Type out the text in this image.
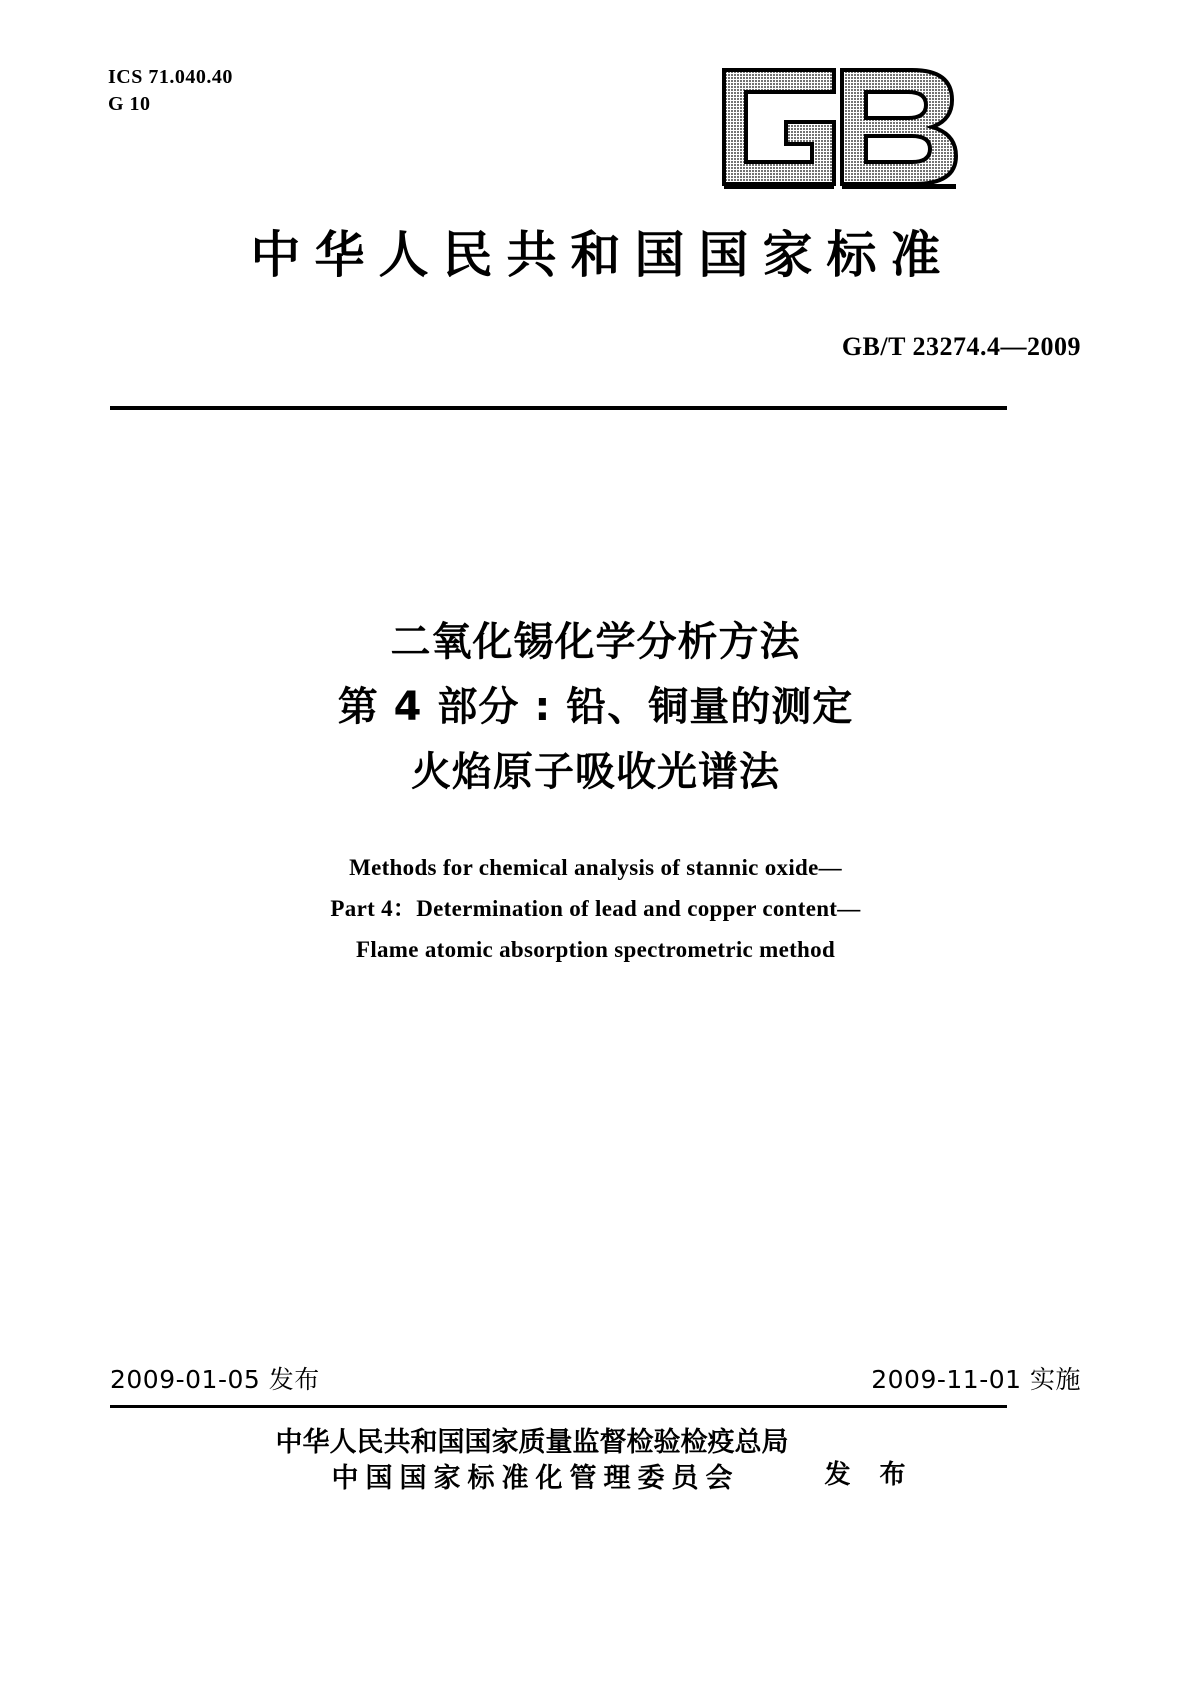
ICS 71.040.40
G 10
中华人民共和国国家标准
GB/T 23274.4—2009
二氧化锡化学分析方法
第 4 部分 : 铅、铜量的测定
火焰原子吸收光谱法
Methods for chemical analysis of stannic oxide—
Part 4：Determination of lead and copper content—
Flame atomic absorption spectrometric method
2009-01-05 发布	2009-11-01 实施
中华人民共和国国家质量监督检验检疫总局
中国国家标准化管理委员会	发 布
